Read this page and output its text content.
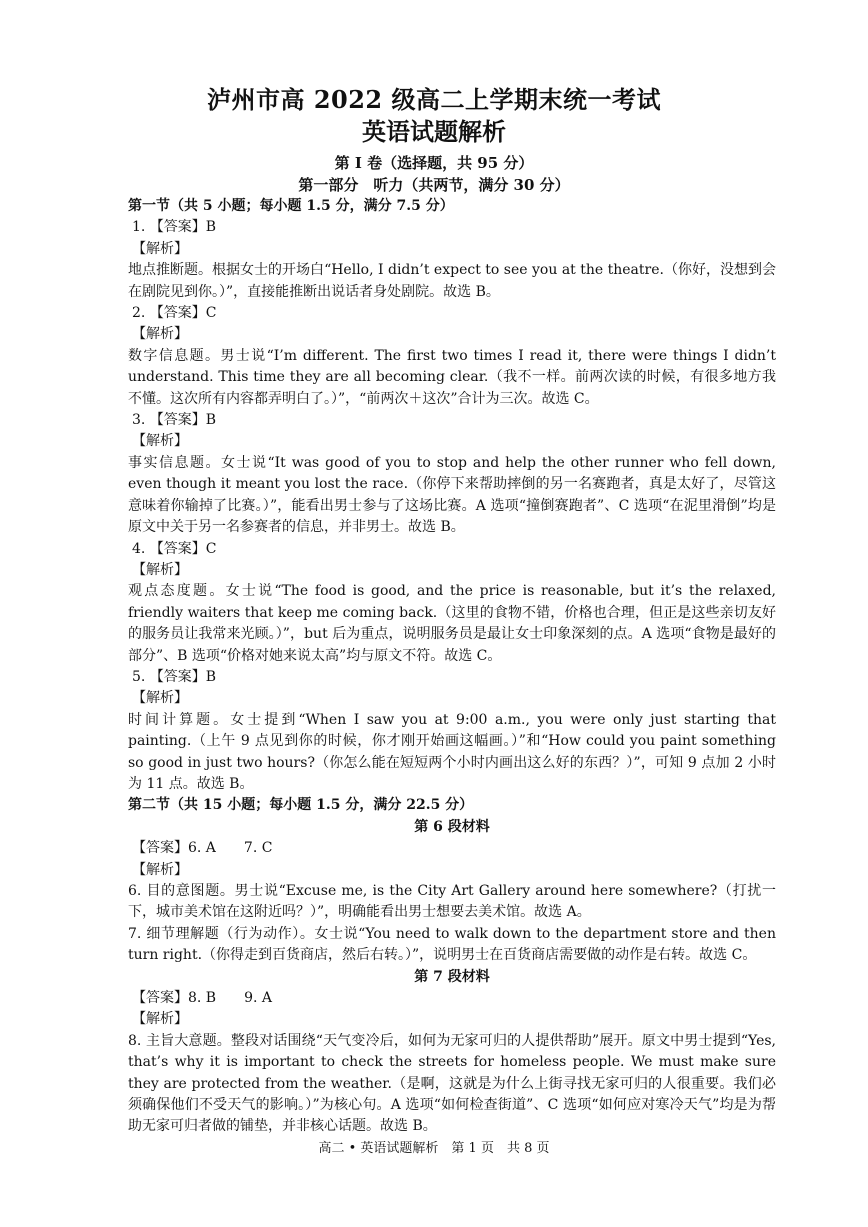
泸州市高 2022 级高二上学期末统一考试
英语试题解析
第 I 卷（选择题，共 95 分）
第一部分　听力（共两节，满分 30 分）

第一节（共 5 小题；每小题 1.5 分，满分 7.5 分）

1. 【答案】B

【解析】

地点推断题。根据女士的开场白“Hello, I didn’t expect to see you at the theatre.（你好，没想到会在剧院见到你。）”，直接能推断出说话者身处剧院。故选 B。

2. 【答案】C

【解析】

数字信息题。男士说“I’m different. The first two times I read it, there were things I didn’t understand. This time they are all becoming clear.（我不一样。前两次读的时候，有很多地方我不懂。这次所有内容都弄明白了。）”，“前两次＋这次”合计为三次。故选 C。

3. 【答案】B

【解析】

事实信息题。女士说“It was good of you to stop and help the other runner who fell down, even though it meant you lost the race.（你停下来帮助摔倒的另一名赛跑者，真是太好了，尽管这意味着你输掉了比赛。）”，能看出男士参与了这场比赛。A 选项“撞倒赛跑者”、C 选项“在泥里滑倒”均是原文中关于另一名参赛者的信息，并非男士。故选 B。

4. 【答案】C

【解析】

观点态度题。女士说“The food is good, and the price is reasonable, but it’s the relaxed, friendly waiters that keep me coming back.（这里的食物不错，价格也合理，但正是这些亲切友好的服务员让我常来光顾。）”，but 后为重点，说明服务员是最让女士印象深刻的点。A 选项“食物是最好的部分”、B 选项“价格对她来说太高”均与原文不符。故选 C。

5. 【答案】B

【解析】

时间计算题。女士提到“When I saw you at 9:00 a.m., you were only just starting that painting.（上午 9 点见到你的时候，你才刚开始画这幅画。）”和“How could you paint something so good in just two hours?（你怎么能在短短两个小时内画出这么好的东西？）”，可知 9 点加 2 小时为 11 点。故选 B。

第二节（共 15 小题；每小题 1.5 分，满分 22.5 分）

第 6 段材料

【答案】6. A　　7. C

【解析】

6. 目的意图题。男士说“Excuse me, is the City Art Gallery around here somewhere?（打扰一下，城市美术馆在这附近吗？）”，明确能看出男士想要去美术馆。故选 A。

7. 细节理解题（行为动作）。女士说“You need to walk down to the department store and then turn right.（你得走到百货商店，然后右转。）”，说明男士在百货商店需要做的动作是右转。故选 C。

第 7 段材料

【答案】8. B　　9. A

【解析】

8. 主旨大意题。整段对话围绕“天气变冷后，如何为无家可归的人提供帮助”展开。原文中男士提到“Yes, that’s why it is important to check the streets for homeless people. We must make sure they are protected from the weather.（是啊，这就是为什么上街寻找无家可归的人很重要。我们必须确保他们不受天气的影响。）”为核心句。A 选项“如何检查街道”、C 选项“如何应对寒冷天气”均是为帮助无家可归者做的铺垫，并非核心话题。故选 B。

高二 • 英语试题解析　第 1 页　共 8 页
